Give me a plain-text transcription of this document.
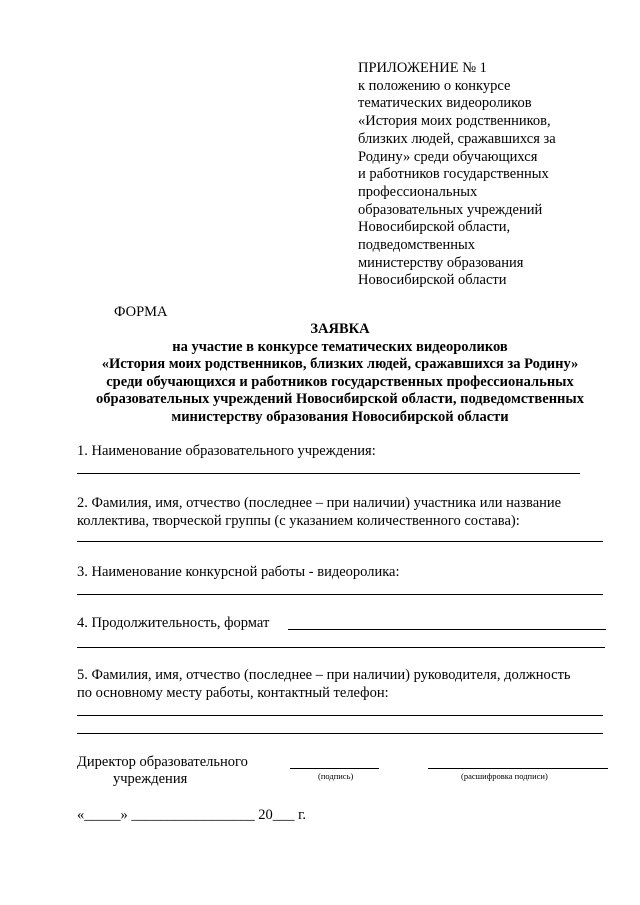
ПРИЛОЖЕНИЕ № 1
к положению о конкурсе
тематических видеороликов
«История моих родственников,
близких людей, сражавшихся за
Родину» среди обучающихся
и работников государственных
профессиональных
образовательных учреждений
Новосибирской области,
подведомственных
министерству образования
Новосибирской области
ФОРМА
ЗАЯВКА
на участие в конкурсе тематических видеороликов
«История моих родственников, близких людей, сражавшихся за Родину»
среди обучающихся и работников государственных профессиональных
образовательных учреждений Новосибирской области, подведомственных
министерству образования Новосибирской области
1. Наименование образовательного учреждения:
2. Фамилия, имя, отчество (последнее – при наличии) участника или название
коллектива, творческой группы (с указанием количественного состава):
3. Наименование конкурсной работы - видеоролика:
4. Продолжительность, формат
5. Фамилия, имя, отчество (последнее – при наличии) руководителя, должность
по основному месту работы, контактный телефон:
Директор образовательного
учреждения	(подпись)	(расшифровка подписи)
«_____» _________________ 20___ г.
